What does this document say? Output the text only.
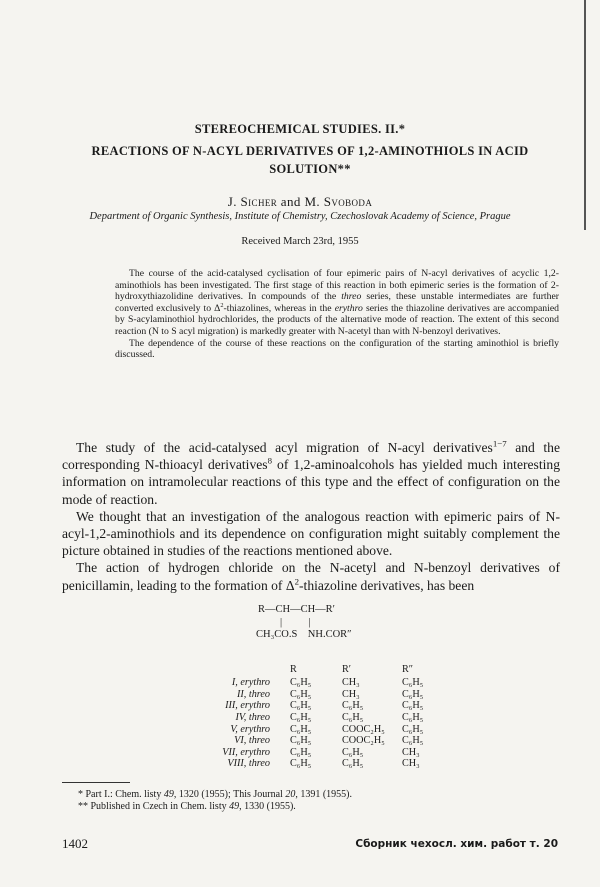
STEREOCHEMICAL STUDIES. II.*
REACTIONS OF N-ACYL DERIVATIVES OF 1,2-AMINOTHIOLS IN ACID SOLUTION**
J. Sicher and M. Svoboda
Department of Organic Synthesis, Institute of Chemistry, Czechoslovak Academy of Science, Prague
Received March 23rd, 1955

The course of the acid-catalysed cyclisation of four epimeric pairs of N-acyl derivatives of acyclic 1,2-aminothiols has been investigated. The first stage of this reaction in both epimeric series is the formation of 2-hydroxythiazolidine derivatives. In compounds of the threo series, these unstable intermediates are further converted exclusively to $\Delta^2$-thiazolines, whereas in the erythro series the thiazoline derivatives are accompanied by S-acylaminothiol hydrochlorides, the products of the alternative mode of reaction. The extent of this second reaction (N to S acyl migration) is markedly greater with N-acetyl than with N-benzoyl derivatives.

The dependence of the course of these reactions on the configuration of the starting aminothiol is briefly discussed.

The study of the acid-catalysed acyl migration of N-acyl derivatives$^{1-7}$ and the corresponding N-thioacyl derivatives$^8$ of 1,2-aminoalcohols has yielded much interesting information on intramolecular reactions of this type and the effect of configuration on the mode of reaction.

We thought that an investigation of the analogous reaction with epimeric pairs of N-acyl-1,2-aminothiols and its dependence on configuration might suitably complement the picture obtained in studies of the reactions mentioned above.

The action of hydrogen chloride on the N-acetyl and N-benzoyl derivatives of penicillamin, leading to the formation of $\Delta^2$-thiazoline derivatives, has been

R—CH—CH—R′
|          |
CH₃CO.S    NH.COR″
	R	R′	R″
I, erythro	C₆H₅	CH₃	C₆H₅
II, threo	C₆H₅	CH₃	C₆H₅
III, erythro	C₆H₅	C₆H₅	C₆H₅
IV, threo	C₆H₅	C₆H₅	C₆H₅
V, erythro	C₆H₅	COOC₂H₅	C₆H₅
VI, threo	C₆H₅	COOC₂H₅	C₆H₅
VII, erythro	C₆H₅	C₆H₅	CH₃
VIII, threo	C₆H₅	C₆H₅	CH₃
* Part I.: Chem. listy 49, 1320 (1955); This Journal 20, 1391 (1955).
** Published in Czech in Chem. listy 49, 1330 (1955).
1402	Сборник чехосл. хим. работ т. 20
